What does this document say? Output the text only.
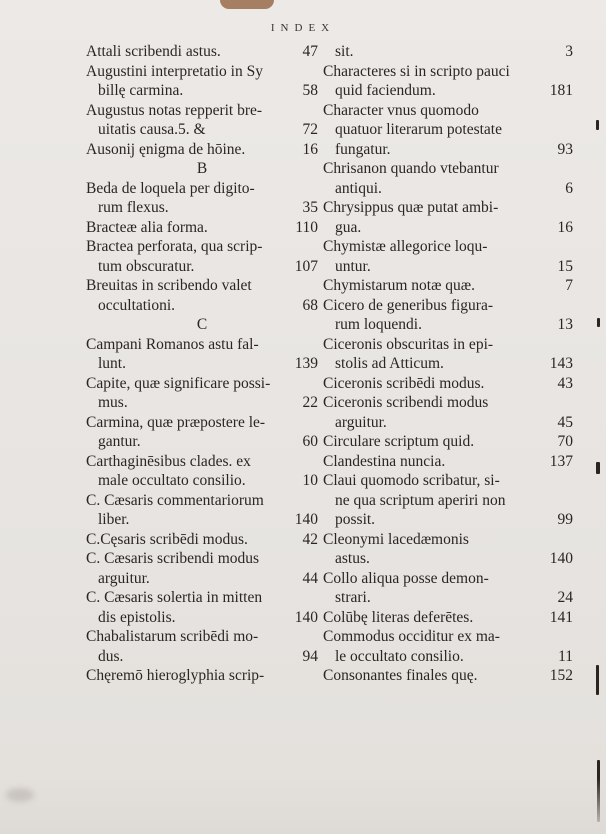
INDEX
Attali scribendi astus.	47
Augustini interpretatio in Sy
billę carmina.	58
Augustus notas repperit bre-
uitatis causa.5. &	72
Ausonij ęnigma de hōine.	16
B
Beda de loquela per digito-
rum flexus.	35
Bracteæ alia forma.	110
Bractea perforata, qua scrip-
tum obscuratur.	107
Breuitas in scribendo valet
occultationi.	68
C
Campani Romanos astu fal-
lunt.	139
Capite, quæ significare possi-
mus.	22
Carmina, quæ præpostere le-
gantur.	60
Carthaginēsibus clades. ex
male occultato consilio.	10
C. Cæsaris commentariorum
liber.	140
C.Cęsaris scribēdi modus.	42
C. Cæsaris scribendi modus
arguitur.	44
C. Cæsaris solertia in mitten
dis epistolis.	140
Chabalistarum scribēdi mo-
dus.	94
Chęremō hieroglyphia scrip-
sit.	3
Characteres si in scripto pauci
quid faciendum.	181
Character vnus quomodo
quatuor literarum potestate
fungatur.	93
Chrisanon quando vtebantur
antiqui.	6
Chrysippus quæ putat ambi-
gua.	16
Chymistæ allegorice loqu-
untur.	15
Chymistarum notæ quæ.	7
Cicero de generibus figura-
rum loquendi.	13
Ciceronis obscuritas in epi-
stolis ad Atticum.	143
Ciceronis scribēdi modus.	43
Ciceronis scribendi modus
arguitur.	45
Circulare scriptum quid.	70
Clandestina nuncia.	137
Claui quomodo scribatur, si-
ne qua scriptum aperiri non
possit.	99
Cleonymi lacedæmonis
astus.	140
Collo aliqua posse demon-
strari.	24
Colūbę literas deferētes.	141
Commodus occiditur ex ma-
le occultato consilio.	11
Consonantes finales quę.	152
